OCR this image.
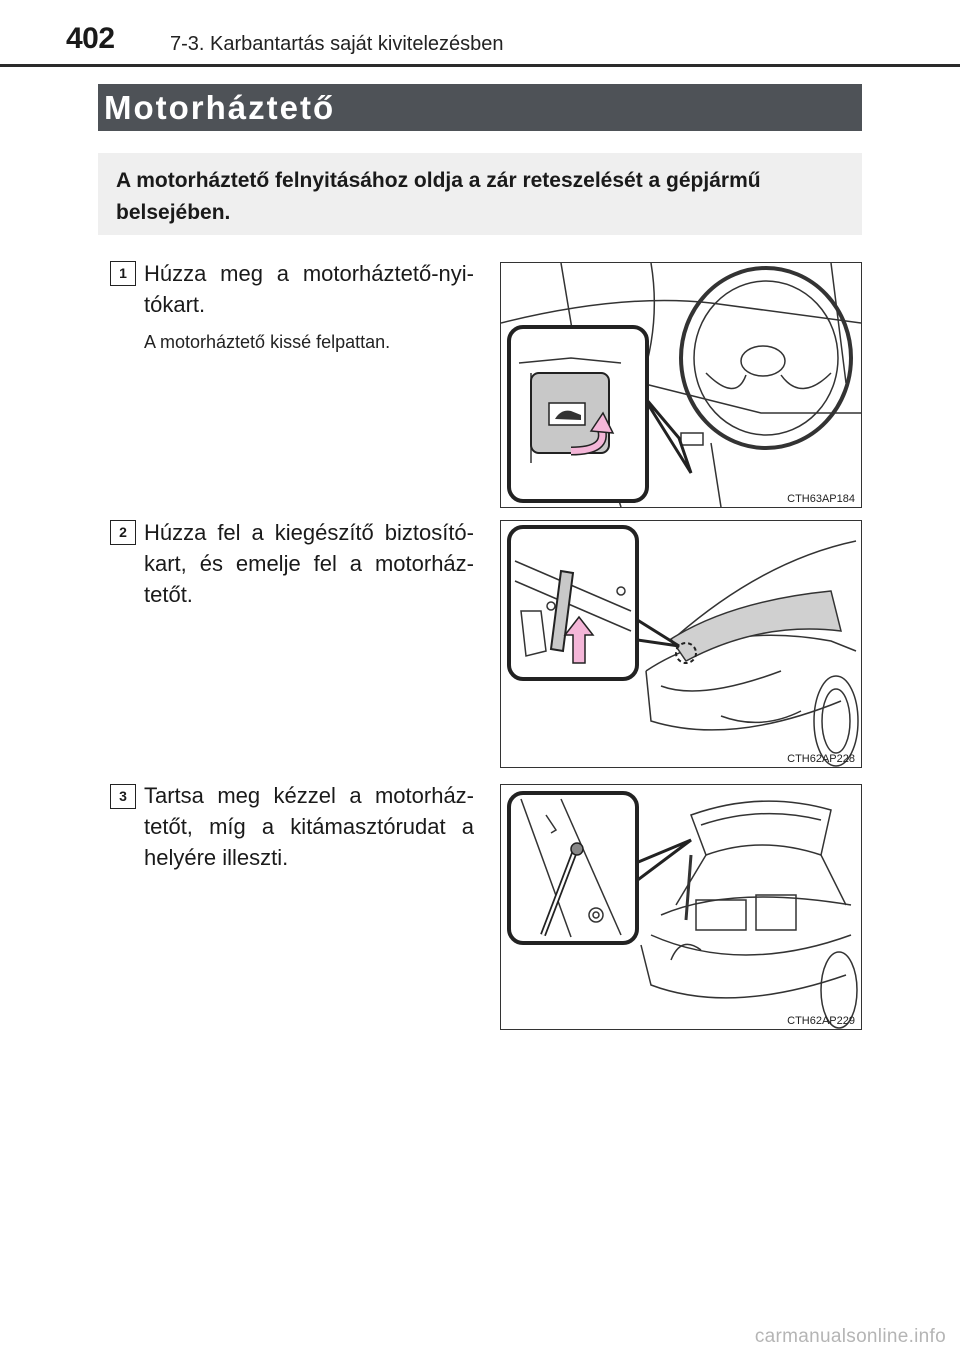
402	7-3. Karbantartás saját kivitelezésben
Motorháztető
A motorháztető felnyitásához oldja a zár reteszelését a gépjármű belsejében.
1 Húzza meg a motorháztető-nyi-tókart.
A motorháztető kissé felpattan.
CTH63AP184
2 Húzza fel a kiegészítő biztosító-kart, és emelje fel a motorház-tetőt.
CTH62AP228
3 Tartsa meg kézzel a motorház-tetőt, míg a kitámasztórudat a helyére illeszti.
CTH62AP229
carmanualsonline.info
